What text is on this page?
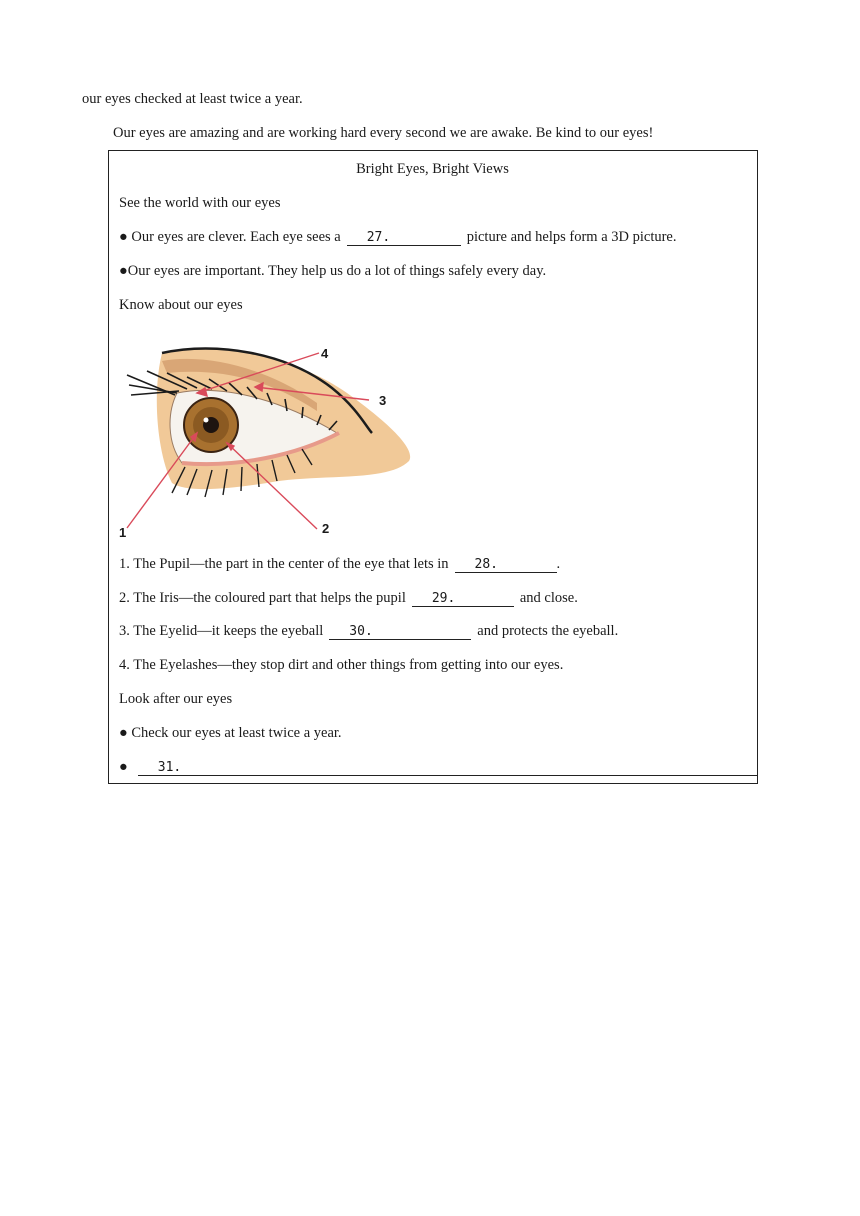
our eyes checked at least twice a year.
Our eyes are amazing and are working hard every second we are awake. Be kind to our eyes!
Bright Eyes, Bright Views
See the world with our eyes
● Our eyes are clever. Each eye sees a 27.	picture and helps form a 3D picture.
●Our eyes are important. They help us do a lot of things safely every day.
Know about our eyes
1	2
3
4
1. The Pupil—the part in the center of the eye that lets in 28.	.
2. The Iris—the coloured part that helps the pupil 29.	and close.
3. The Eyelid—it keeps the eyeball 30.	and protects the eyeball.
4. The Eyelashes—they stop dirt and other things from getting into our eyes.
Look after our eyes
● Check our eyes at least twice a year.
● 31.
